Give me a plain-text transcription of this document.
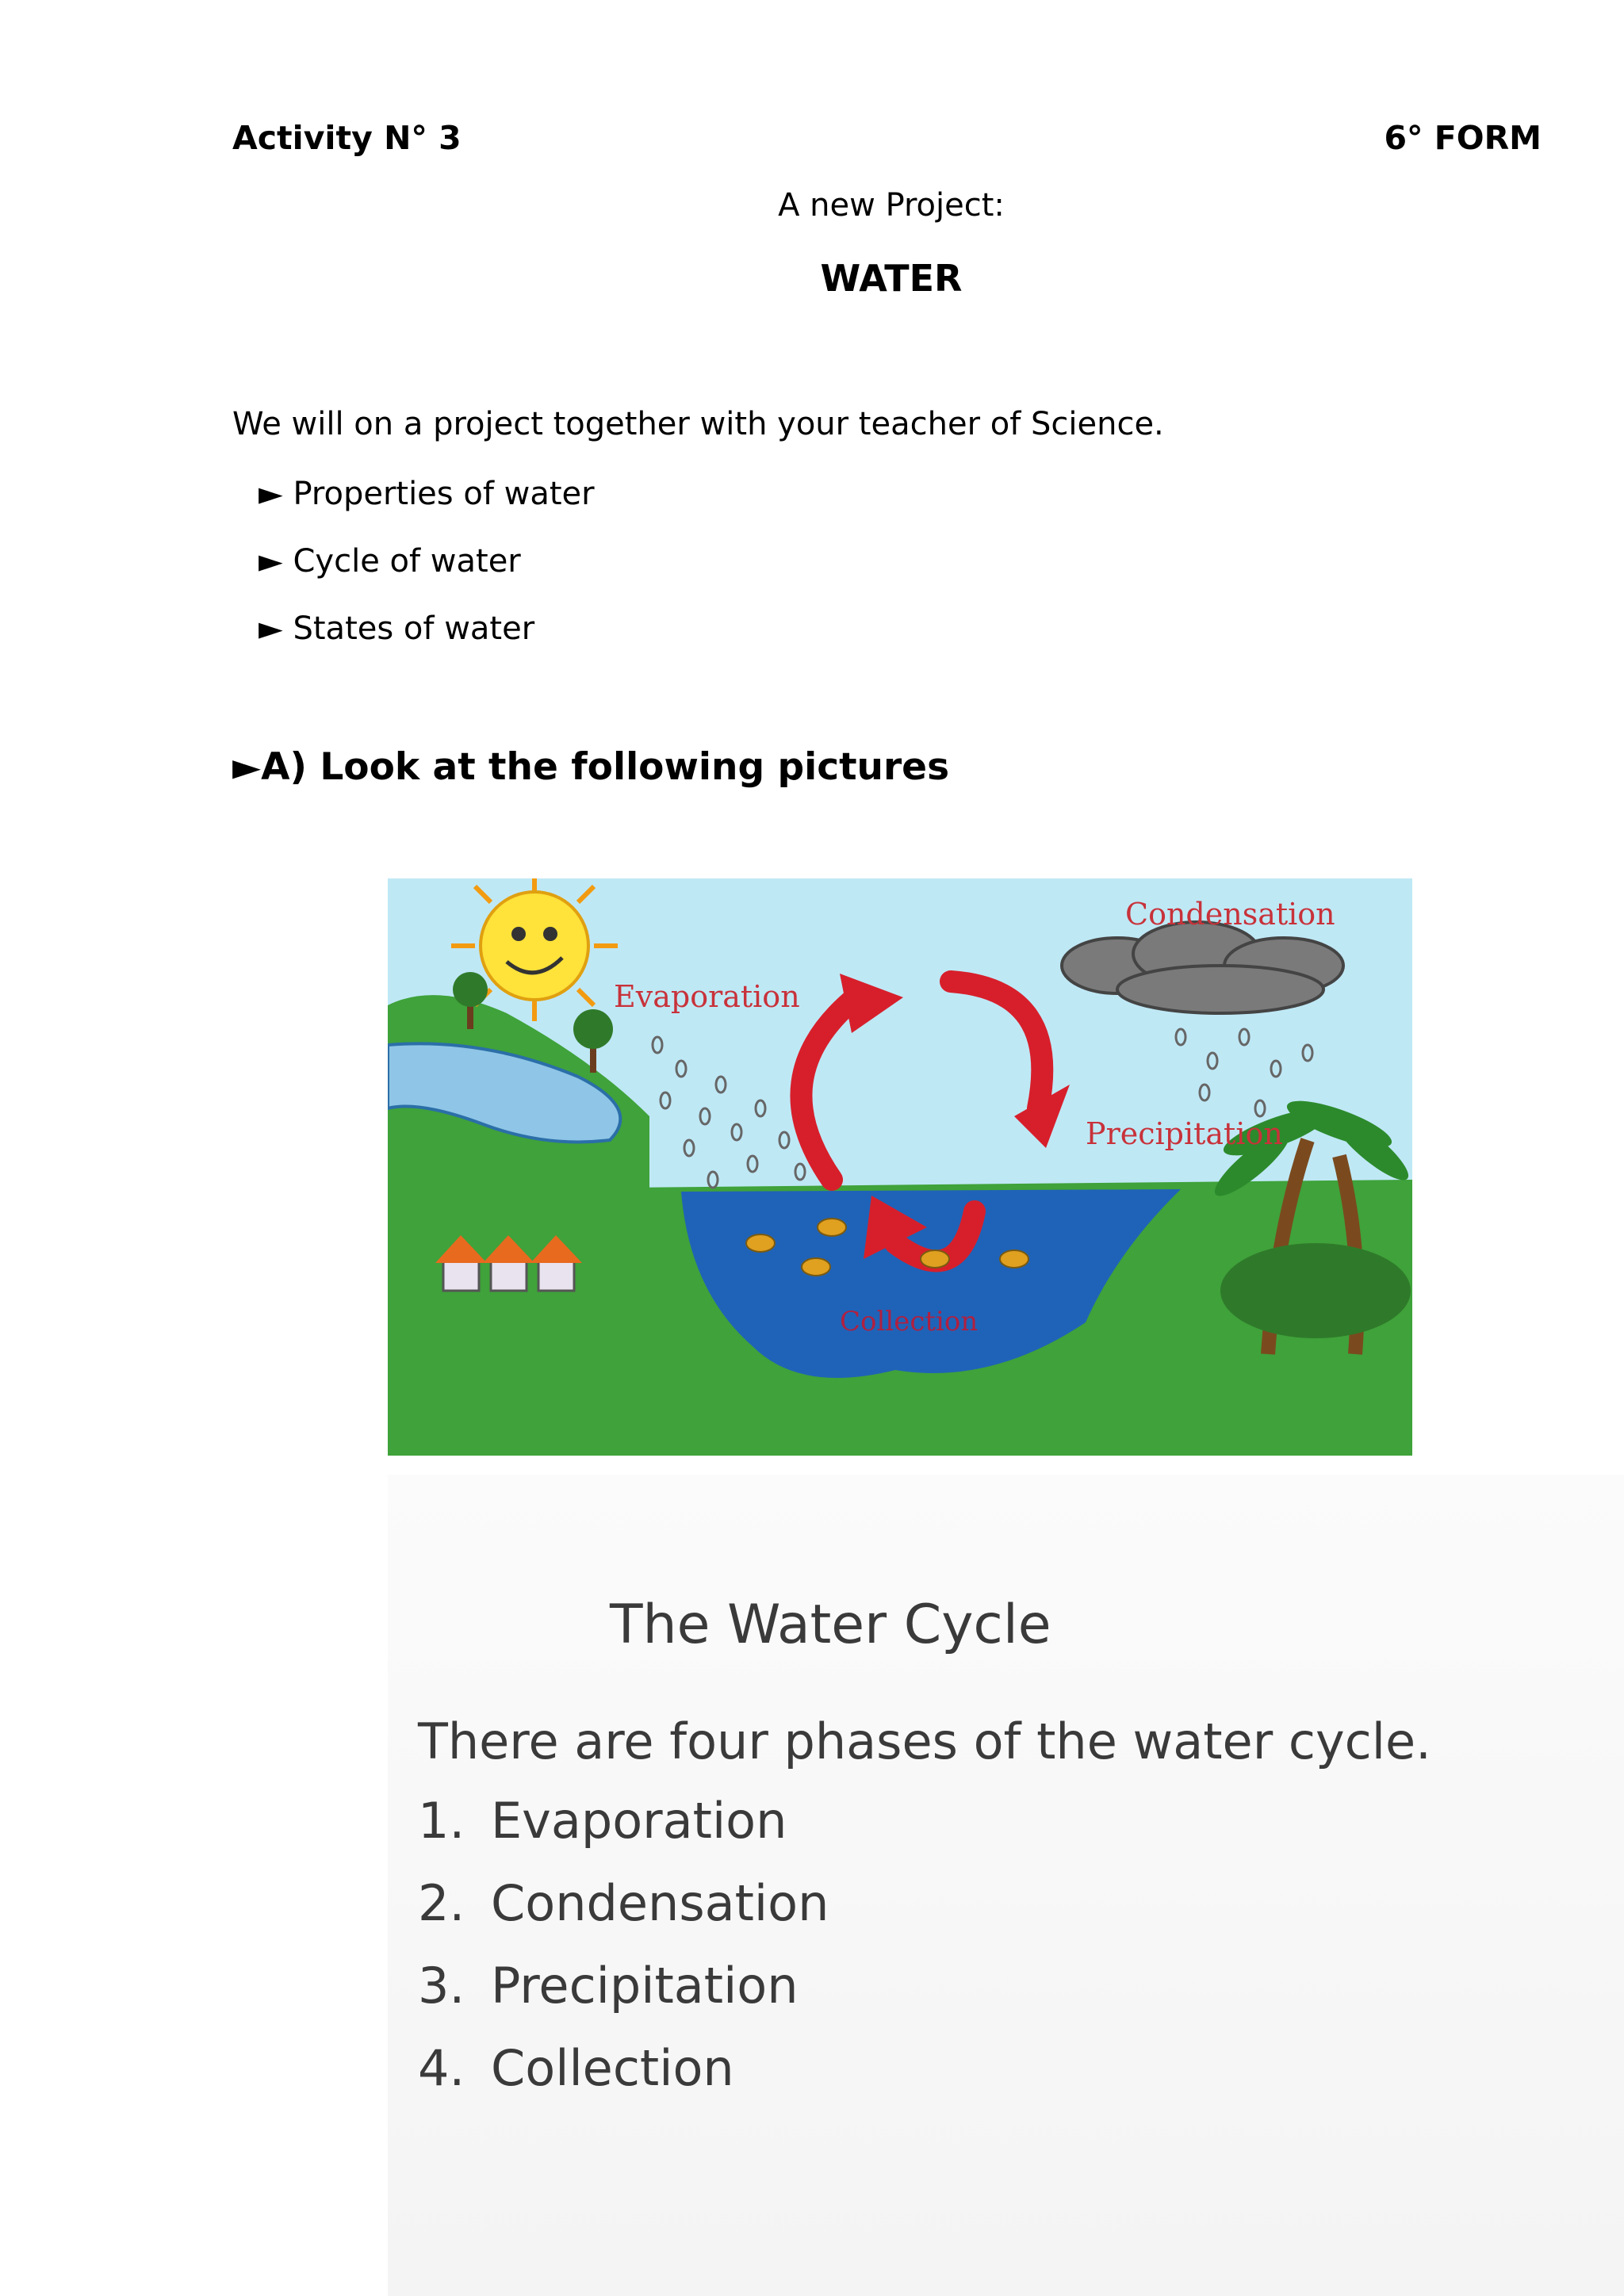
Activity N° 3	6° FORM
A new Project:
WATER
We will on a project together with your teacher of Science.
► Properties of water
► Cycle of water
► States of water
►A) Look at the following pictures
Evaporation
Condensation
Precipitation
Collection
The Water Cycle
There are four phases of the water cycle.
1. Evaporation
2. Condensation
3. Precipitation
4. Collection
